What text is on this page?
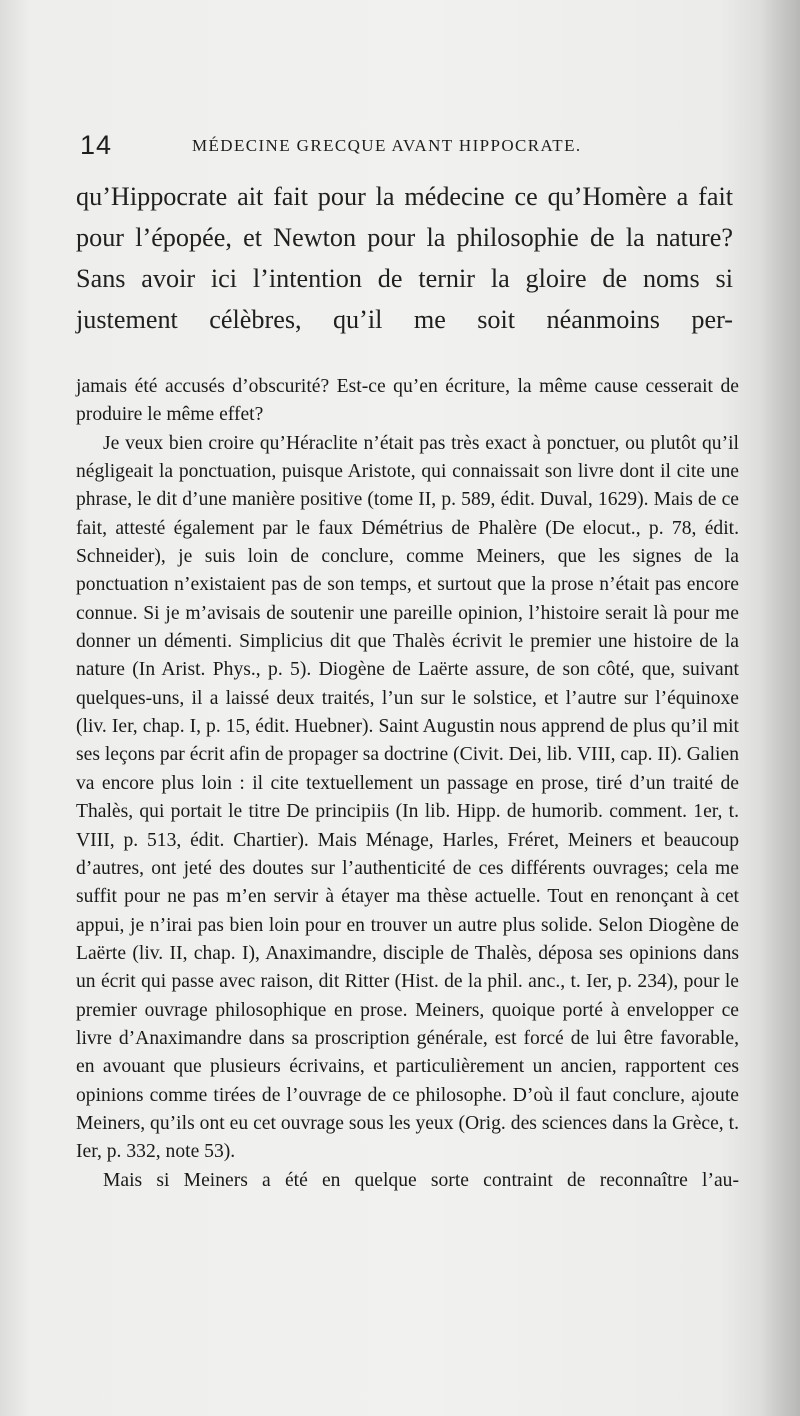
14	MÉDECINE GRECQUE AVANT HIPPOCRATE.

qu’Hippocrate ait fait pour la médecine ce qu’Homère a fait pour l’épopée, et Newton pour la philosophie de la nature? Sans avoir ici l’intention de ternir la gloire de noms si justement célèbres, qu’il me soit néanmoins per-

jamais été accusés d’obscurité? Est-ce qu’en écriture, la même cause cesserait de produire le même effet?

Je veux bien croire qu’Héraclite n’était pas très exact à ponctuer, ou plutôt qu’il négligeait la ponctuation, puisque Aristote, qui connaissait son livre dont il cite une phrase, le dit d’une manière positive (tome II, p. 589, édit. Duval, 1629). Mais de ce fait, attesté également par le faux Démétrius de Phalère (De elocut., p. 78, édit. Schneider), je suis loin de conclure, comme Meiners, que les signes de la ponctuation n’existaient pas de son temps, et surtout que la prose n’était pas encore connue. Si je m’avisais de soutenir une pareille opinion, l’histoire serait là pour me donner un démenti. Simplicius dit que Thalès écrivit le premier une histoire de la nature (In Arist. Phys., p. 5). Diogène de Laërte assure, de son côté, que, suivant quelques-uns, il a laissé deux traités, l’un sur le solstice, et l’autre sur l’équinoxe (liv. Ier, chap. I, p. 15, édit. Huebner). Saint Augustin nous apprend de plus qu’il mit ses leçons par écrit afin de propager sa doctrine (Civit. Dei, lib. VIII, cap. II). Galien va encore plus loin : il cite textuellement un passage en prose, tiré d’un traité de Thalès, qui portait le titre De principiis (In lib. Hipp. de humorib. comment. 1er, t. VIII, p. 513, édit. Chartier). Mais Ménage, Harles, Fréret, Meiners et beaucoup d’autres, ont jeté des doutes sur l’authenticité de ces différents ouvrages; cela me suffit pour ne pas m’en servir à étayer ma thèse actuelle. Tout en renonçant à cet appui, je n’irai pas bien loin pour en trouver un autre plus solide. Selon Diogène de Laërte (liv. II, chap. I), Anaximandre, disciple de Thalès, déposa ses opinions dans un écrit qui passe avec raison, dit Ritter (Hist. de la phil. anc., t. Ier, p. 234), pour le premier ouvrage philosophique en prose. Meiners, quoique porté à envelopper ce livre d’Anaximandre dans sa proscription générale, est forcé de lui être favorable, en avouant que plusieurs écrivains, et particulièrement un ancien, rapportent ces opinions comme tirées de l’ouvrage de ce philosophe. D’où il faut conclure, ajoute Meiners, qu’ils ont eu cet ouvrage sous les yeux (Orig. des sciences dans la Grèce, t. Ier, p. 332, note 53).

Mais si Meiners a été en quelque sorte contraint de reconnaître l’au-
